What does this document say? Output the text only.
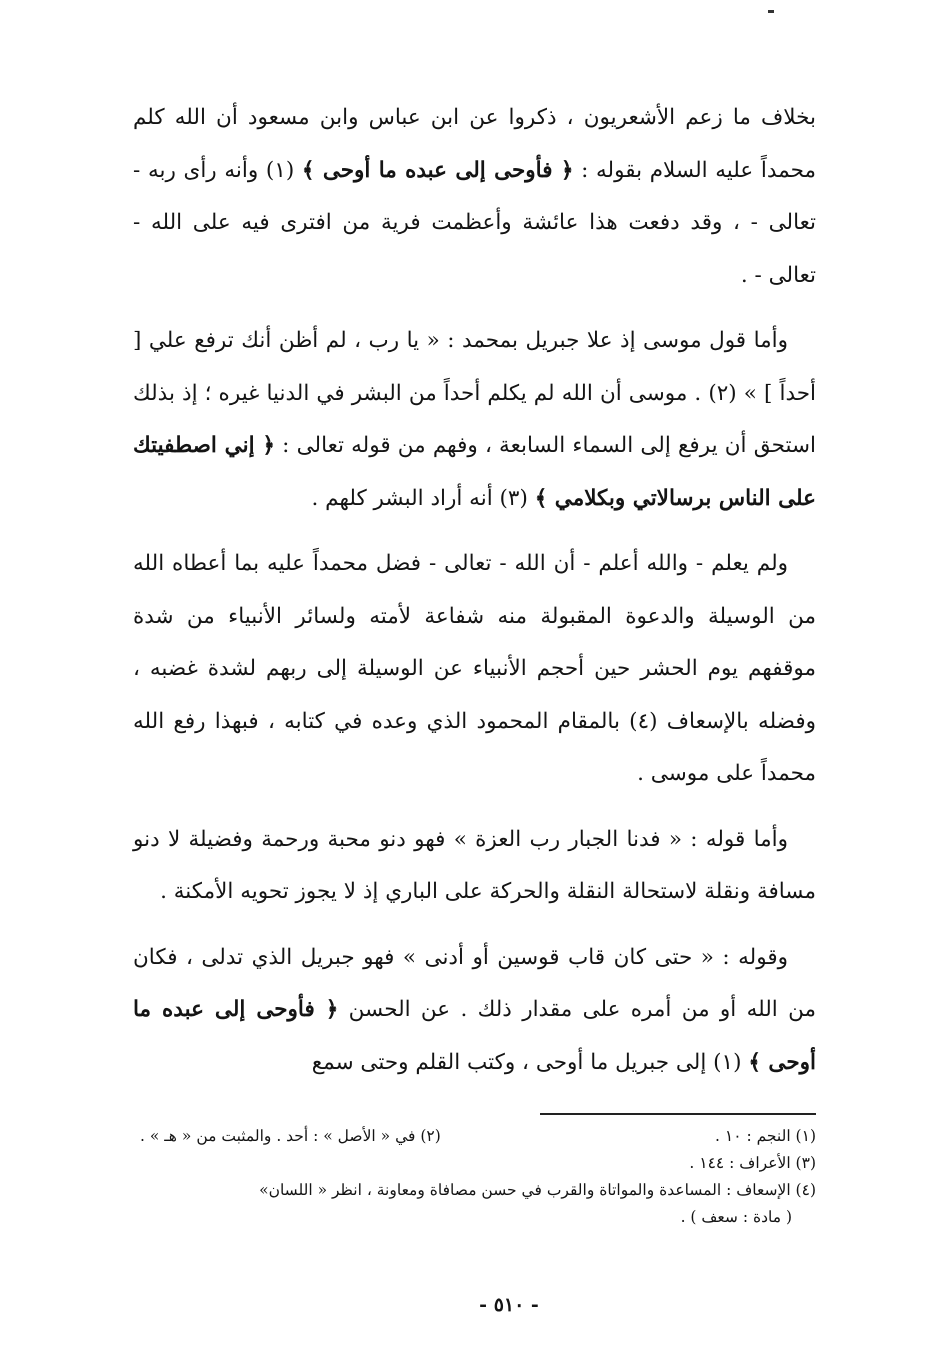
بخلاف ما زعم الأشعريون ، ذكروا عن ابن عباس وابن مسعود أن الله كلم محمداً عليه السلام بقوله : ﴿ فأوحى إلى عبده ما أوحى ﴾ (١) وأنه رأى ربه - تعالى - ، وقد دفعت هذا عائشة وأعظمت فرية من افترى فيه على الله - تعالى - .

وأما قول موسى إذ علا جبريل بمحمد : « يا رب ، لم أظن أنك ترفع علي [ أحداً ] » (٢) . موسى أن الله لم يكلم أحداً من البشر في الدنيا غيره ؛ إذ بذلك استحق أن يرفع إلى السماء السابعة ، وفهم من قوله تعالى : ﴿ إني اصطفيتك على الناس برسالاتي وبكلامي ﴾ (٣) أنه أراد البشر كلهم .

ولم يعلم - والله أعلم - أن الله - تعالى - فضل محمداً عليه بما أعطاه الله من الوسيلة والدعوة المقبولة منه شفاعة لأمته ولسائر الأنبياء من شدة موقفهم يوم الحشر حين أحجم الأنبياء عن الوسيلة إلى ربهم لشدة غضبه ، وفضله بالإسعاف (٤) بالمقام المحمود الذي وعده في كتابه ، فبهذا رفع الله محمداً على موسى .

وأما قوله : « فدنا الجبار رب العزة » فهو دنو محبة ورحمة وفضيلة لا دنو مسافة ونقلة لاستحالة النقلة والحركة على الباري إذ لا يجوز تحويه الأمكنة .

وقوله : « حتى كان قاب قوسين أو أدنى » فهو جبريل الذي تدلى ، فكان من الله أو من أمره على مقدار ذلك . عن الحسن ﴿ فأوحى إلى عبده ما أوحى ﴾ (١) إلى جبريل ما أوحى ، وكتب القلم وحتى سمع

(١) النجم : ١٠ .
(٢) في « الأصل » : أحد . والمثبت من « هـ » .
(٣) الأعراف : ١٤٤ .
(٤) الإسعاف : المساعدة والمواتاة والقرب في حسن مصافاة ومعاونة ، انظر « اللسان»
( مادة : سعف ) .
- ٥١٠ -
